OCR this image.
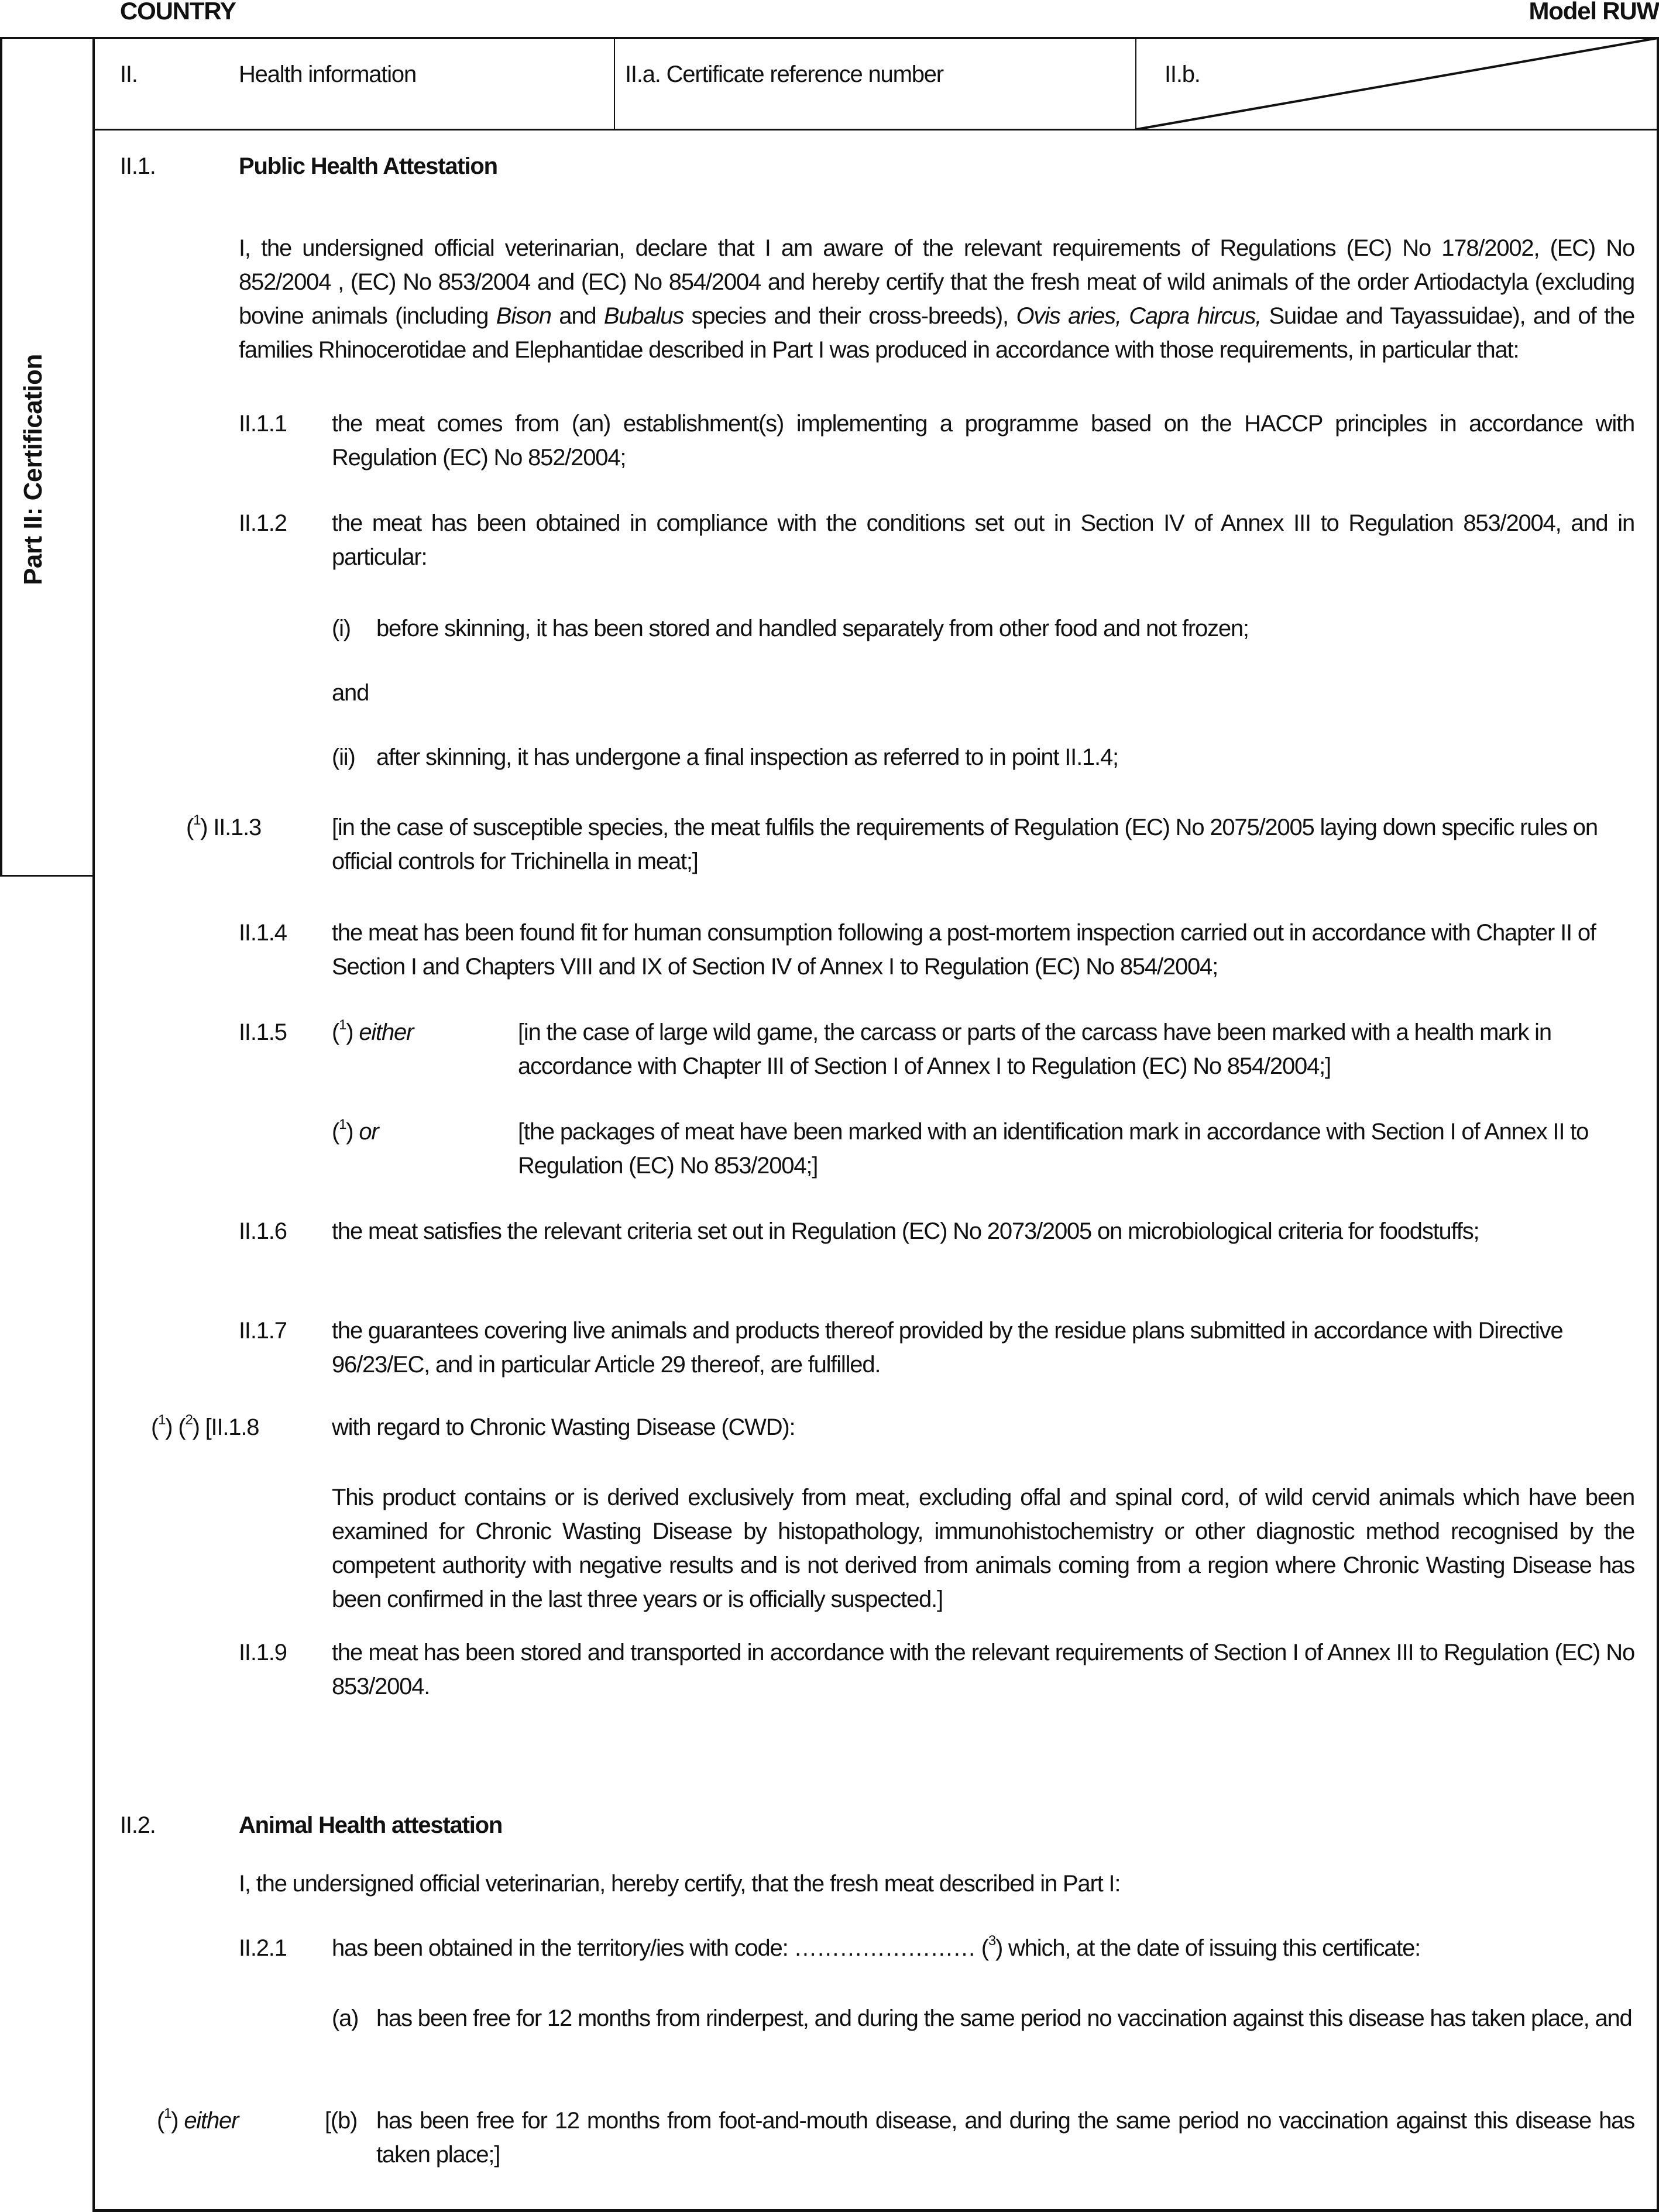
COUNTRY	Model RUW
Part II: Certification
II.	Health information	II.a. Certificate reference number	II.b.
II.1.	Public Health Attestation
I, the undersigned official veterinarian, declare that I am aware of the relevant requirements of Regulations (EC) No 178/2002, (EC) No 852/2004 , (EC) No 853/2004 and (EC) No 854/2004 and hereby certify that the fresh meat of wild animals of the order Artiodactyla (excluding bovine animals (including Bison and Bubalus species and their cross-breeds), Ovis aries, Capra hircus, Suidae and Tayassuidae), and of the families Rhinocerotidae and Elephantidae described in Part I was produced in accordance with those requirements, in particular that:
II.1.1 the meat comes from (an) establishment(s) implementing a programme based on the HACCP principles in accordance with Regulation (EC) No 852/2004;
II.1.2 the meat has been obtained in compliance with the conditions set out in Section IV of Annex III to Regulation 853/2004, and in particular:
(i) before skinning, it has been stored and handled separately from other food and not frozen;
and
(ii) after skinning, it has undergone a final inspection as referred to in point II.1.4;
($^1$) II.1.3	[in the case of susceptible species, the meat fulfils the requirements of Regulation (EC) No 2075/2005 laying down specific rules on official controls for Trichinella in meat;]
II.1.4 the meat has been found fit for human consumption following a post-mortem inspection carried out in accordance with Chapter II of Section I and Chapters VIII and IX of Section IV of Annex I to Regulation (EC) No 854/2004;
II.1.5 ($^1$) either	[in the case of large wild game, the carcass or parts of the carcass have been marked with a health mark in accordance with Chapter III of Section I of Annex I to Regulation (EC) No 854/2004;]
($^1$) or	[the packages of meat have been marked with an identification mark in accordance with Section I of Annex II to Regulation (EC) No 853/2004;]
II.1.6 the meat satisfies the relevant criteria set out in Regulation (EC) No 2073/2005 on microbiological criteria for foodstuffs;
II.1.7 the guarantees covering live animals and products thereof provided by the residue plans submitted in accordance with Directive 96/23/EC, and in particular Article 29 thereof, are fulfilled.
($^1$) ($^2$) [II.1.8	with regard to Chronic Wasting Disease (CWD):
This product contains or is derived exclusively from meat, excluding offal and spinal cord, of wild cervid animals which have been examined for Chronic Wasting Disease by histopathology, immunohistochemistry or other diagnostic method recognised by the competent authority with negative results and is not derived from animals coming from a region where Chronic Wasting Disease has been confirmed in the last three years or is officially suspected.]
II.1.9 the meat has been stored and transported in accordance with the relevant requirements of Section I of Annex III to Regulation (EC) No 853/2004.
II.2.	Animal Health attestation
I, the undersigned official veterinarian, hereby certify, that the fresh meat described in Part I:
II.2.1 has been obtained in the territory/ies with code: …………………… ($^3$) which, at the date of issuing this certificate:
(a) has been free for 12 months from rinderpest, and during the same period no vaccination against this disease has taken place, and
($^1$) either	[(b) has been free for 12 months from foot-and-mouth disease, and during the same period no vaccination against this disease has taken place;]
